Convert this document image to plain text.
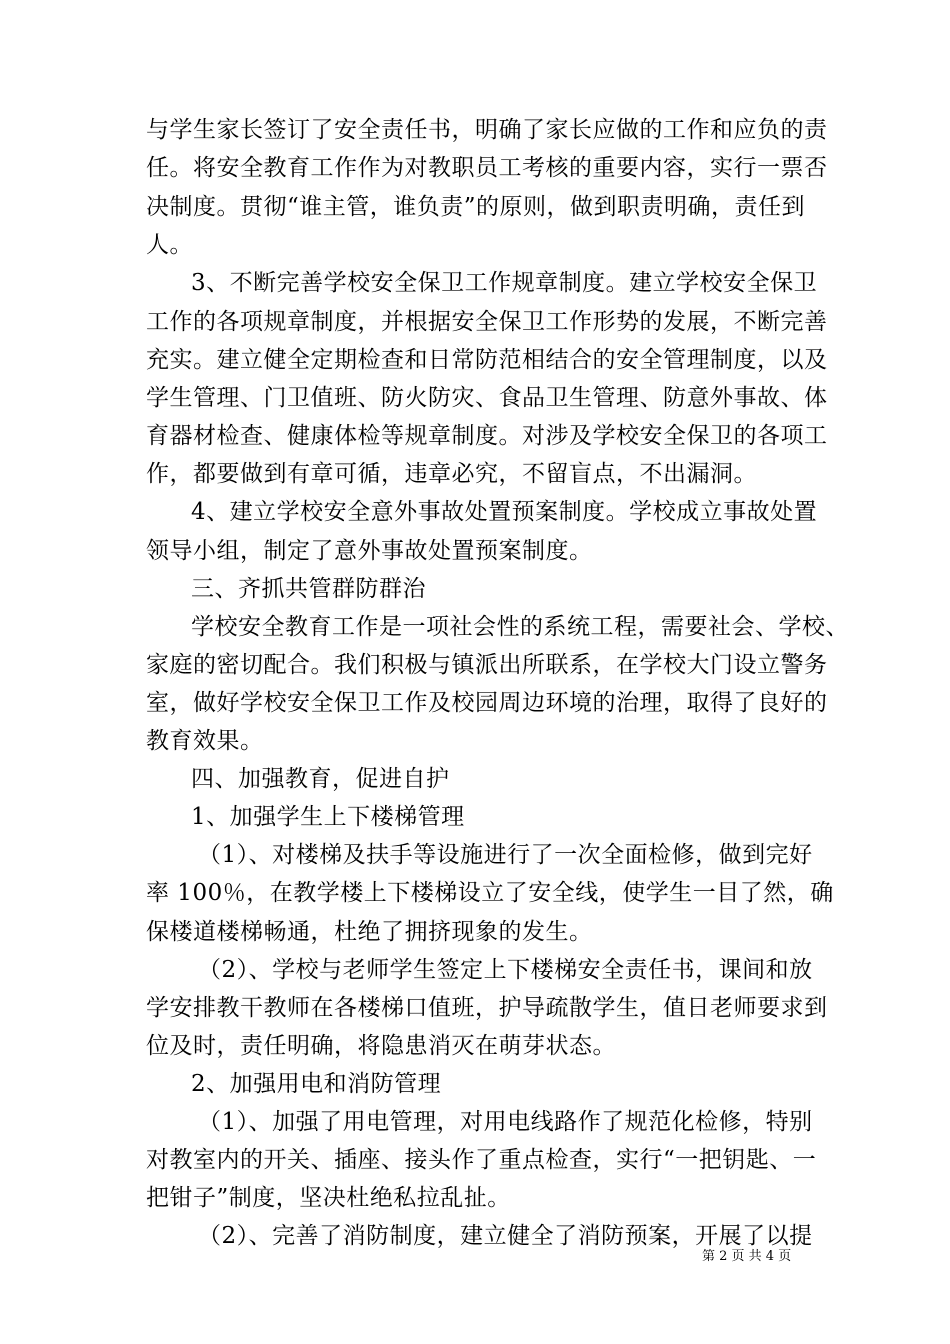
与学生家长签订了安全责任书，明确了家长应做的工作和应负的责
任。将安全教育工作作为对教职员工考核的重要内容，实行一票否
决制度。贯彻“谁主管，谁负责”的原则，做到职责明确，责任到
人。
3、不断完善学校安全保卫工作规章制度。建立学校安全保卫
工作的各项规章制度，并根据安全保卫工作形势的发展，不断完善
充实。建立健全定期检查和日常防范相结合的安全管理制度，以及
学生管理、门卫值班、防火防灾、食品卫生管理、防意外事故、体
育器材检查、健康体检等规章制度。对涉及学校安全保卫的各项工
作，都要做到有章可循，违章必究，不留盲点，不出漏洞。
4、建立学校安全意外事故处置预案制度。学校成立事故处置
领导小组，制定了意外事故处置预案制度。
三、齐抓共管群防群治
学校安全教育工作是一项社会性的系统工程，需要社会、学校、
家庭的密切配合。我们积极与镇派出所联系，在学校大门设立警务
室，做好学校安全保卫工作及校园周边环境的治理，取得了良好的
教育效果。
四、加强教育，促进自护
1、加强学生上下楼梯管理
（1）、对楼梯及扶手等设施进行了一次全面检修，做到完好
率 100％，在教学楼上下楼梯设立了安全线，使学生一目了然，确
保楼道楼梯畅通，杜绝了拥挤现象的发生。
（2）、学校与老师学生签定上下楼梯安全责任书，课间和放
学安排教干教师在各楼梯口值班，护导疏散学生，值日老师要求到
位及时，责任明确，将隐患消灭在萌芽状态。
2、加强用电和消防管理
（1）、加强了用电管理，对用电线路作了规范化检修，特别
对教室内的开关、插座、接头作了重点检查，实行“一把钥匙、一
把钳子”制度，坚决杜绝私拉乱扯。
（2）、完善了消防制度，建立健全了消防预案，开展了以提
第 2 页 共 4 页
